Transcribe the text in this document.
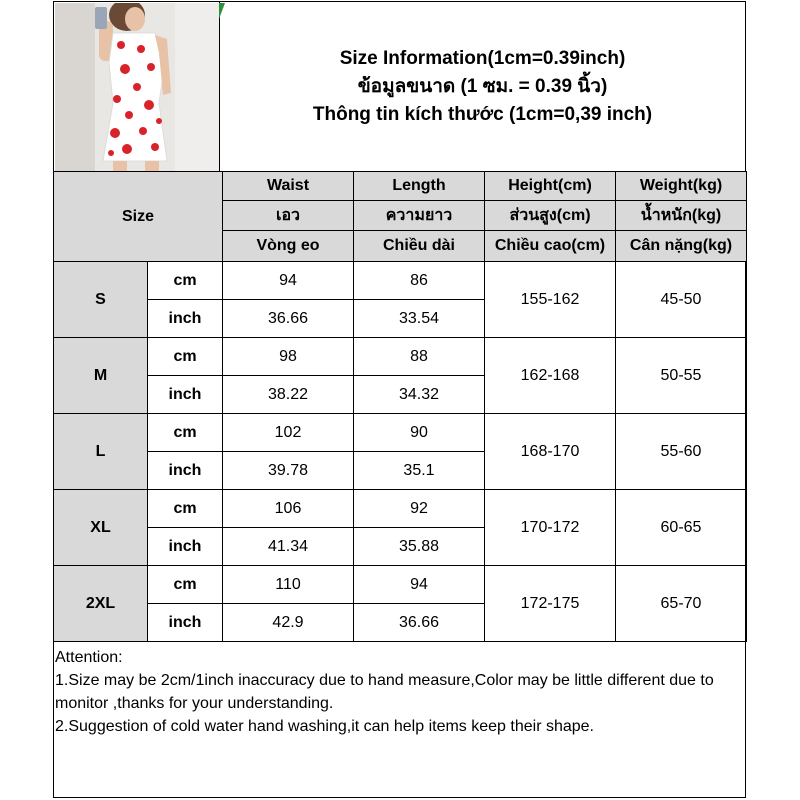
Size Information(1cm=0.39inch)
ข้อมูลขนาด (1 ซม. = 0.39 นิ้ว)
Thông tin kích thước (1cm=0,39 inch)
Size		Waist	Length	Height(cm)	Weight(kg)
		เอว	ความยาว	ส่วนสูง(cm)	น้ำหนัก(kg)
		Vòng eo	Chiều dài	Chiều cao(cm)	Cân nặng(kg)
S	cm	94	86	155-162	45-50
	inch	36.66	33.54		
M	cm	98	88	162-168	50-55
	inch	38.22	34.32		
L	cm	102	90	168-170	55-60
	inch	39.78	35.1		
XL	cm	106	92	170-172	60-65
	inch	41.34	35.88		
2XL	cm	110	94	172-175	65-70
	inch	42.9	36.66		
Attention:
1.Size may be 2cm/1inch inaccuracy due to hand measure,Color may be little different due to monitor ,thanks for your understanding.
2.Suggestion of cold water hand washing,it can help items keep their shape.
